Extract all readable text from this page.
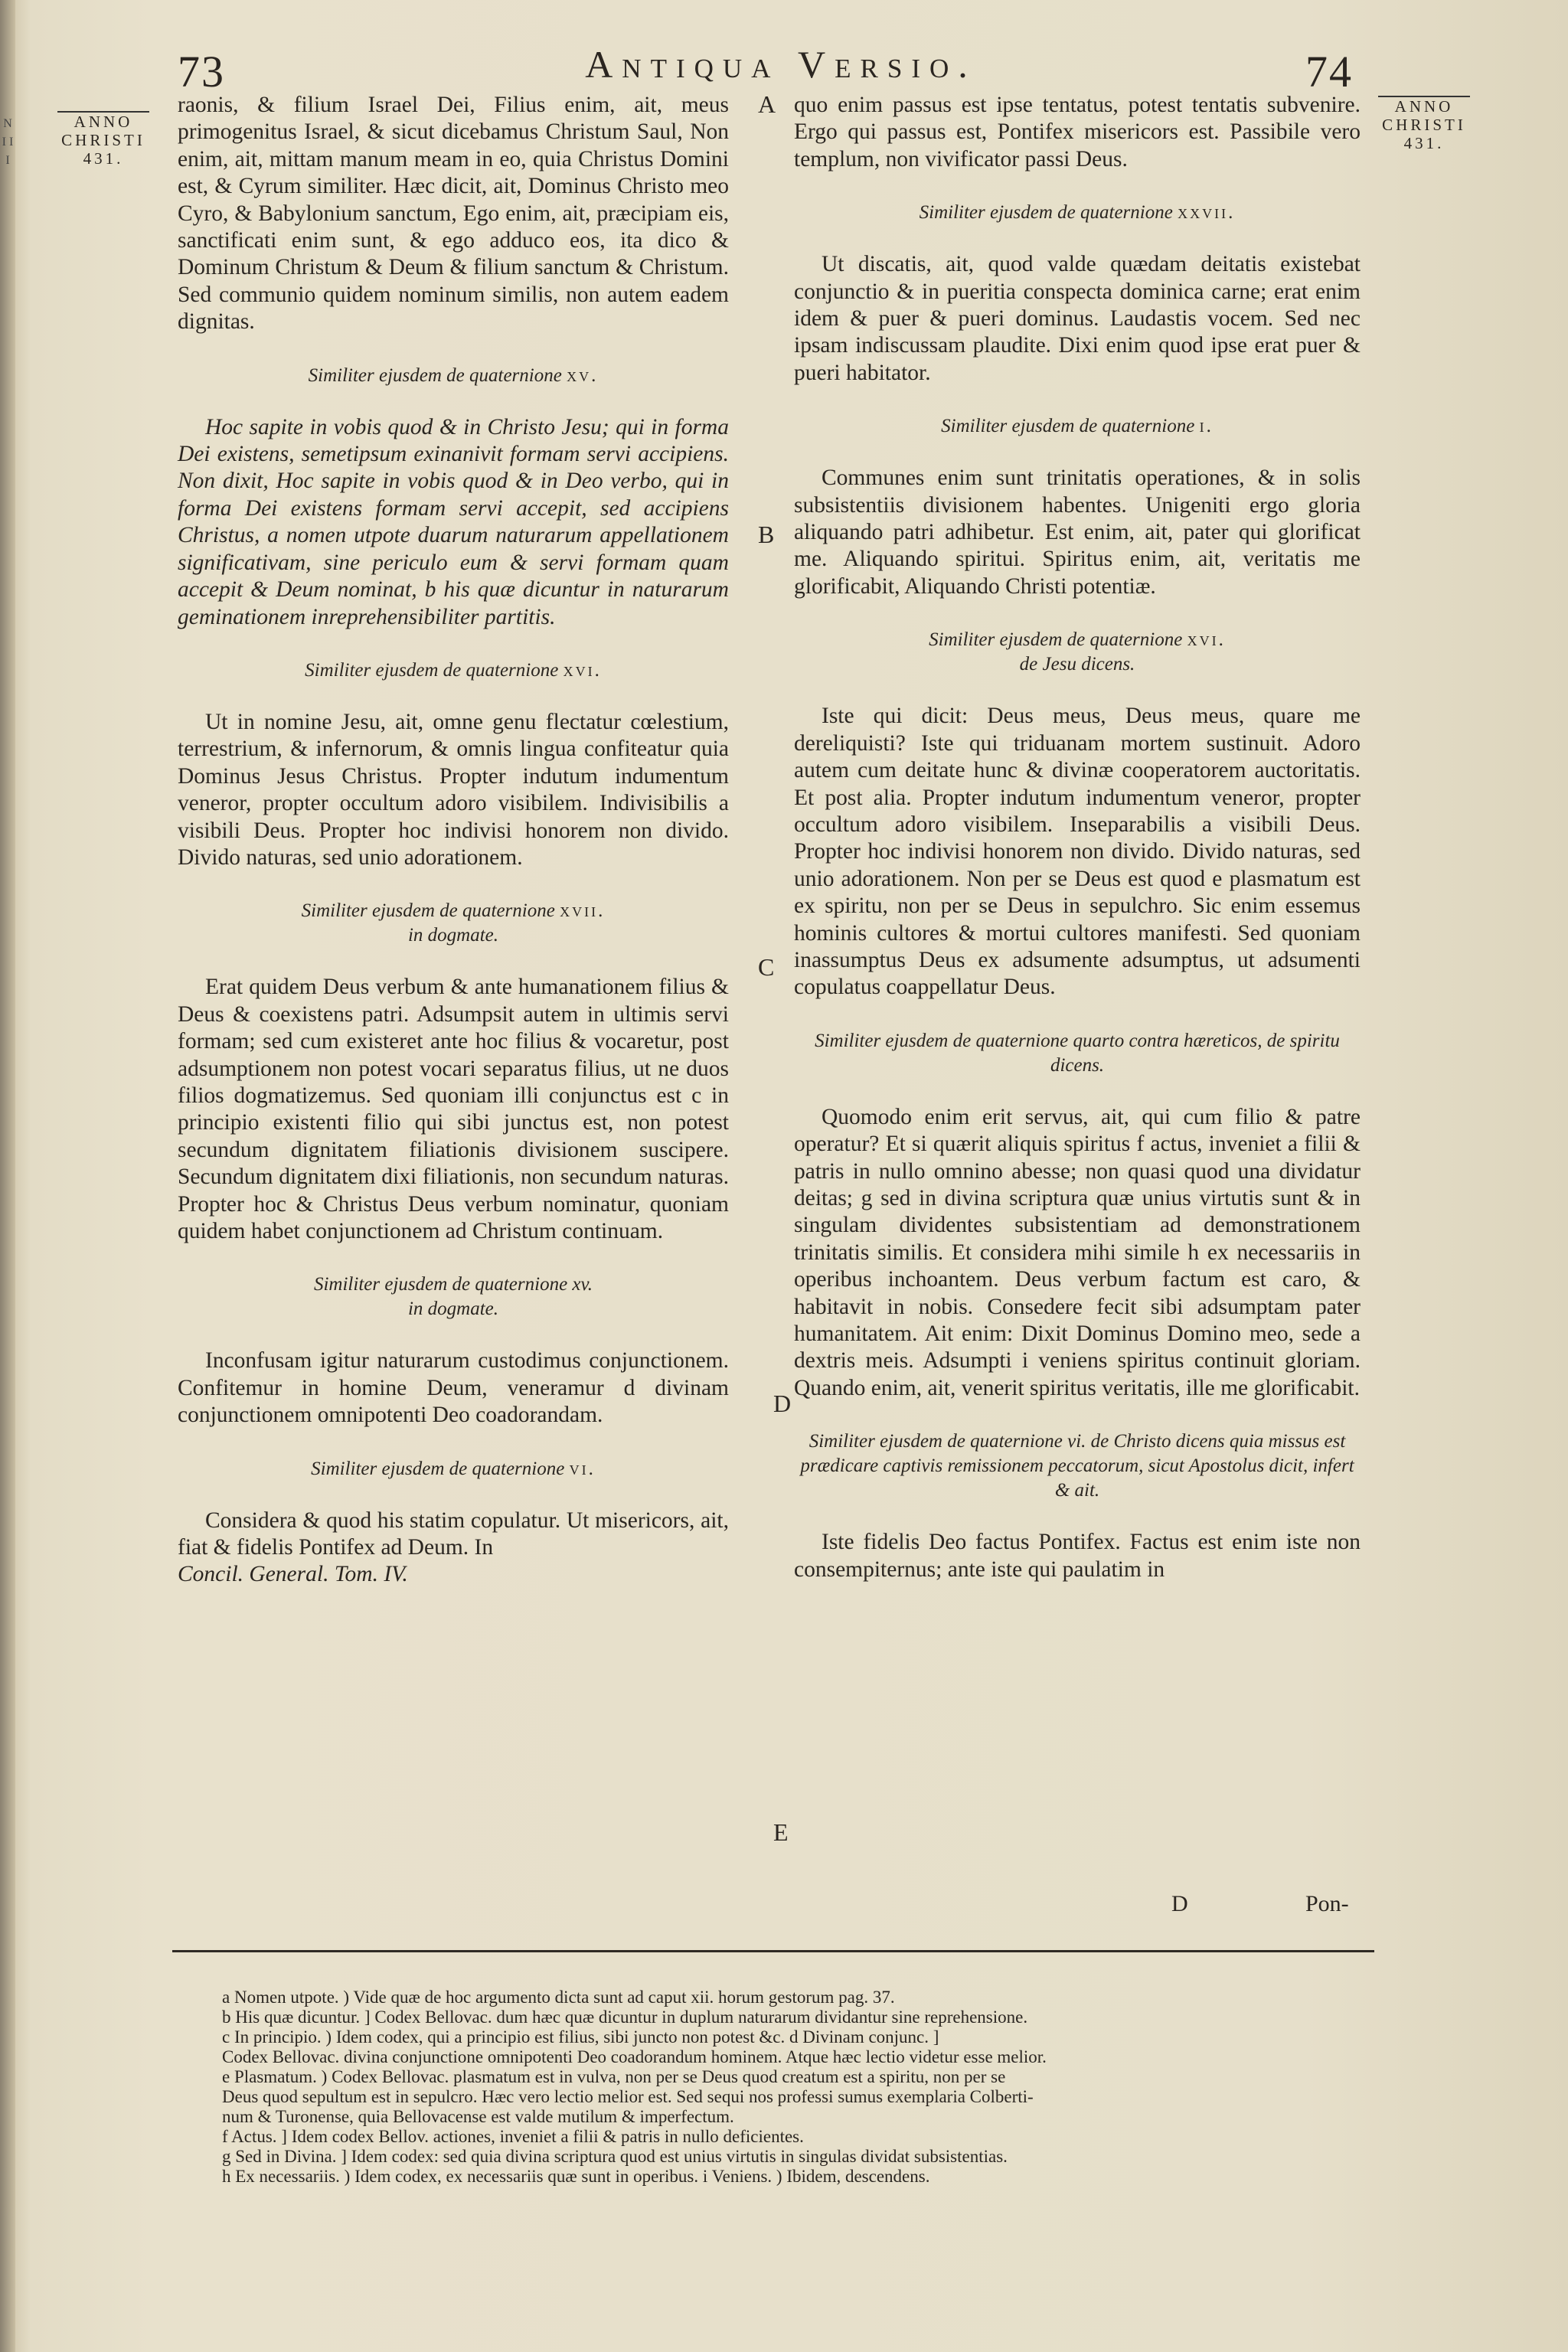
N I I I
73	Antiqua Versio.	74
ANNO
CHRISTI
431.
ANNO
CHRISTI
431.
A
B
C
D
E

raonis, & filium Israel Dei, Filius enim, ait, meus primogenitus Israel, & sicut dicebamus Christum Saul, Non enim, ait, mittam manum meam in eo, quia Christus Domini est, & Cyrum similiter. Hæc dicit, ait, Dominus Christo meo Cyro, & Babylonium sanctum, Ego enim, ait, præcipiam eis, sanctificati enim sunt, & ego adduco eos, ita dico & Dominum Christum & Deum & filium sanctum & Christum. Sed communio quidem nominum similis, non autem eadem dignitas.

Similiter ejusdem de quaternione xv.

Hoc sapite in vobis quod & in Christo Jesu; qui in forma Dei existens, semetipsum exinanivit formam servi accipiens. Non dixit, Hoc sapite in vobis quod & in Deo verbo, qui in forma Dei existens formam servi accepit, sed accipiens Christus, a nomen utpote duarum naturarum appellationem significativam, sine periculo eum & servi formam quam accepit & Deum nominat, b his quæ dicuntur in naturarum geminationem inreprehensibiliter partitis.

Similiter ejusdem de quaternione xvi.

Ut in nomine Jesu, ait, omne genu flectatur cœlestium, terrestrium, & infernorum, & omnis lingua confiteatur quia Dominus Jesus Christus. Propter indutum indumentum veneror, propter occultum adoro visibilem. Indivisibilis a visibili Deus. Propter hoc indivisi honorem non divido. Divido naturas, sed unio adorationem.

Similiter ejusdem de quaternione xvii.
in dogmate.

Erat quidem Deus verbum & ante humanationem filius & Deus & coexistens patri. Adsumpsit autem in ultimis servi formam; sed cum existeret ante hoc filius & vocaretur, post adsumptionem non potest vocari separatus filius, ut ne duos filios dogmatizemus. Sed quoniam illi conjunctus est c in principio existenti filio qui sibi junctus est, non potest secundum dignitatem filiationis divisionem suscipere. Secundum dignitatem dixi filiationis, non secundum naturas. Propter hoc & Christus Deus verbum nominatur, quoniam quidem habet conjunctionem ad Christum continuam.

Similiter ejusdem de quaternione xv.
in dogmate.

Inconfusam igitur naturarum custodimus conjunctionem. Confitemur in homine Deum, veneramur d divinam conjunctionem omnipotenti Deo coadorandam.

Similiter ejusdem de quaternione vi.

Considera & quod his statim copulatur. Ut misericors, ait, fiat & fidelis Pontifex ad Deum. In

Concil. General. Tom. IV.

quo enim passus est ipse tentatus, potest tentatis subvenire. Ergo qui passus est, Pontifex misericors est. Passibile vero templum, non vivificator passi Deus.

Similiter ejusdem de quaternione xxvii.

Ut discatis, ait, quod valde quædam deitatis existebat conjunctio & in pueritia conspecta dominica carne; erat enim idem & puer & pueri dominus. Laudastis vocem. Sed nec ipsam indiscussam plaudite. Dixi enim quod ipse erat puer & pueri habitator.

Similiter ejusdem de quaternione i.

Communes enim sunt trinitatis operationes, & in solis subsistentiis divisionem habentes. Unigeniti ergo gloria aliquando patri adhibetur. Est enim, ait, pater qui glorificat me. Aliquando spiritui. Spiritus enim, ait, veritatis me glorificabit, Aliquando Christi potentiæ.

Similiter ejusdem de quaternione xvi.
de Jesu dicens.

Iste qui dicit: Deus meus, Deus meus, quare me dereliquisti? Iste qui triduanam mortem sustinuit. Adoro autem cum deitate hunc & divinæ cooperatorem auctoritatis. Et post alia. Propter indutum indumentum veneror, propter occultum adoro visibilem. Inseparabilis a visibili Deus. Propter hoc indivisi honorem non divido. Divido naturas, sed unio adorationem. Non per se Deus est quod e plasmatum est ex spiritu, non per se Deus in sepulchro. Sic enim essemus hominis cultores & mortui cultores manifesti. Sed quoniam inassumptus Deus ex adsumente adsumptus, ut adsumenti copulatus coappellatur Deus.

Similiter ejusdem de quaternione quarto contra hæreticos, de spiritu dicens.

Quomodo enim erit servus, ait, qui cum filio & patre operatur? Et si quærit aliquis spiritus f actus, inveniet a filii & patris in nullo omnino abesse; non quasi quod una dividatur deitas; g sed in divina scriptura quæ unius virtutis sunt & in singulam dividentes subsistentiam ad demonstrationem trinitatis similis. Et considera mihi simile h ex necessariis in operibus inchoantem. Deus verbum factum est caro, & habitavit in nobis. Consedere fecit sibi adsumptam pater humanitatem. Ait enim: Dixit Dominus Domino meo, sede a dextris meis. Adsumpti i veniens spiritus continuit gloriam. Quando enim, ait, venerit spiritus veritatis, ille me glorificabit.

Similiter ejusdem de quaternione vi. de Christo dicens quia missus est prædicare captivis remissionem peccatorum, sicut Apostolus dicit, infert & ait.

Iste fidelis Deo factus Pontifex. Factus est enim iste non consempiternus; ante iste qui paulatim in

D	Pon-

a Nomen utpote. ) Vide quæ de hoc argumento dicta sunt ad caput xii. horum gestorum pag. 37.

b His quæ dicuntur. ] Codex Bellovac. dum hæc quæ dicuntur in duplum naturarum dividantur sine reprehensione.

c In principio. ) Idem codex, qui a principio est filius, sibi juncto non potest &c. d Divinam conjunc. ]

Codex Bellovac. divina conjunctione omnipotenti Deo coadorandum hominem. Atque hæc lectio videtur esse melior.

e Plasmatum. ) Codex Bellovac. plasmatum est in vulva, non per se Deus quod creatum est a spiritu, non per se

Deus quod sepultum est in sepulcro. Hæc vero lectio melior est. Sed sequi nos professi sumus exemplaria Colberti-

num & Turonense, quia Bellovacense est valde mutilum & imperfectum.

f Actus. ] Idem codex Bellov. actiones, inveniet a filii & patris in nullo deficientes.

g Sed in Divina. ] Idem codex: sed quia divina scriptura quod est unius virtutis in singulas dividat subsistentias.

h Ex necessariis. ) Idem codex, ex necessariis quæ sunt in operibus. i Veniens. ) Ibidem, descendens.
